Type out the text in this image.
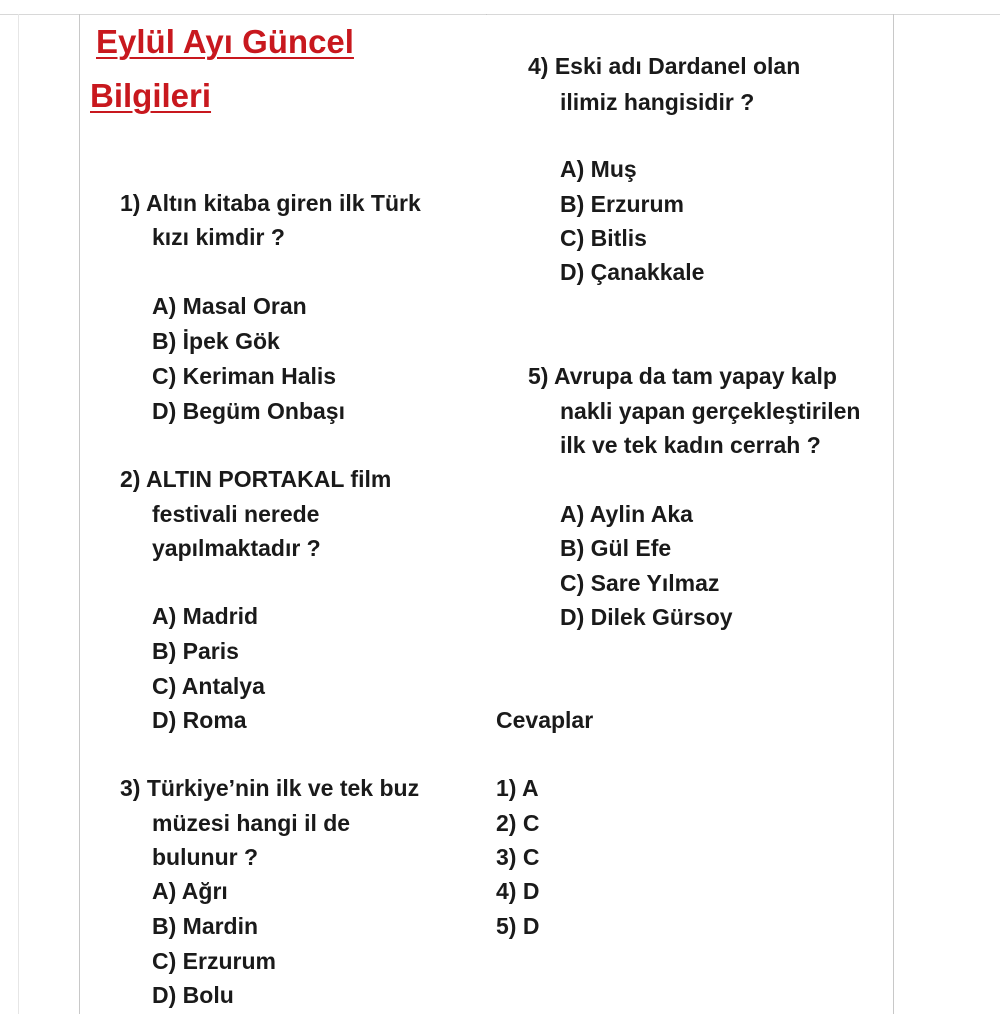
Eylül Ayı Güncel
Bilgileri
1) Altın kitaba giren ilk Türk
kızı kimdir ?
A) Masal Oran
B) İpek Gök
C) Keriman Halis
D) Begüm Onbaşı
2) ALTIN PORTAKAL film
festivali nerede
yapılmaktadır ?
A) Madrid
B) Paris
C) Antalya
D) Roma
3) Türkiye’nin ilk ve tek buz
müzesi hangi il de
bulunur ?
A) Ağrı
B) Mardin
C) Erzurum
D) Bolu
4) Eski adı Dardanel olan
ilimiz hangisidir ?
A) Muş
B) Erzurum
C) Bitlis
D) Çanakkale
5) Avrupa da tam yapay kalp
nakli yapan gerçekleştirilen
ilk ve tek kadın cerrah ?
A) Aylin Aka
B) Gül Efe
C) Sare Yılmaz
D) Dilek Gürsoy
Cevaplar
1) A
2) C
3) C
4) D
5) D
